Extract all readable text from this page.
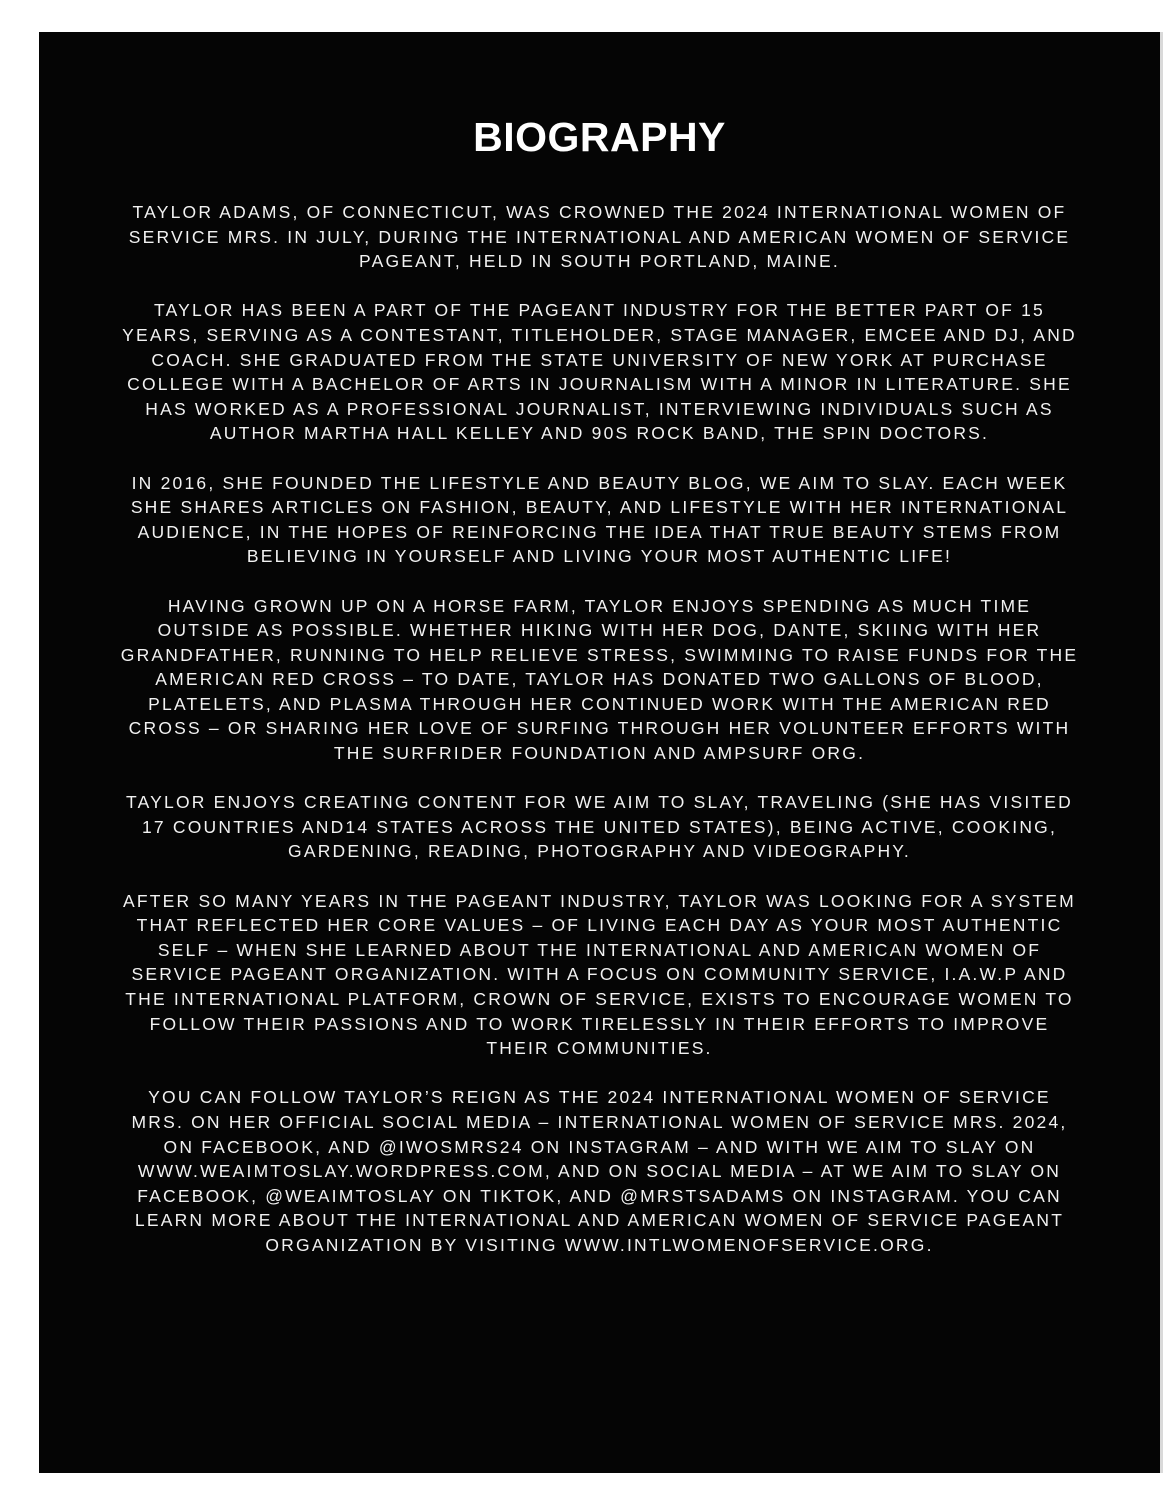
BIOGRAPHY

TAYLOR ADAMS, OF CONNECTICUT, WAS CROWNED THE 2024 INTERNATIONAL WOMEN OF SERVICE MRS. IN JULY, DURING THE INTERNATIONAL AND AMERICAN WOMEN OF SERVICE PAGEANT, HELD IN SOUTH PORTLAND, MAINE.

TAYLOR HAS BEEN A PART OF THE PAGEANT INDUSTRY FOR THE BETTER PART OF 15 YEARS, SERVING AS A CONTESTANT, TITLEHOLDER, STAGE MANAGER, EMCEE AND DJ, AND COACH. SHE GRADUATED FROM THE STATE UNIVERSITY OF NEW YORK AT PURCHASE COLLEGE WITH A BACHELOR OF ARTS IN JOURNALISM WITH A MINOR IN LITERATURE. SHE HAS WORKED AS A PROFESSIONAL JOURNALIST, INTERVIEWING INDIVIDUALS SUCH AS AUTHOR MARTHA HALL KELLEY AND 90S ROCK BAND, THE SPIN DOCTORS.

IN 2016, SHE FOUNDED THE LIFESTYLE AND BEAUTY BLOG, WE AIM TO SLAY. EACH WEEK SHE SHARES ARTICLES ON FASHION, BEAUTY, AND LIFESTYLE WITH HER INTERNATIONAL AUDIENCE, IN THE HOPES OF REINFORCING THE IDEA THAT TRUE BEAUTY STEMS FROM BELIEVING IN YOURSELF AND LIVING YOUR MOST AUTHENTIC LIFE!

HAVING GROWN UP ON A HORSE FARM, TAYLOR ENJOYS SPENDING AS MUCH TIME OUTSIDE AS POSSIBLE. WHETHER HIKING WITH HER DOG, DANTE, SKIING WITH HER GRANDFATHER, RUNNING TO HELP RELIEVE STRESS, SWIMMING TO RAISE FUNDS FOR THE AMERICAN RED CROSS – TO DATE, TAYLOR HAS DONATED TWO GALLONS OF BLOOD, PLATELETS, AND PLASMA THROUGH HER CONTINUED WORK WITH THE AMERICAN RED CROSS – OR SHARING HER LOVE OF SURFING THROUGH HER VOLUNTEER EFFORTS WITH THE SURFRIDER FOUNDATION AND AMPSURF ORG.

TAYLOR ENJOYS CREATING CONTENT FOR WE AIM TO SLAY, TRAVELING (SHE HAS VISITED 17 COUNTRIES AND14 STATES ACROSS THE UNITED STATES), BEING ACTIVE, COOKING, GARDENING, READING, PHOTOGRAPHY AND VIDEOGRAPHY.

AFTER SO MANY YEARS IN THE PAGEANT INDUSTRY, TAYLOR WAS LOOKING FOR A SYSTEM THAT REFLECTED HER CORE VALUES – OF LIVING EACH DAY AS YOUR MOST AUTHENTIC SELF – WHEN SHE LEARNED ABOUT THE INTERNATIONAL AND AMERICAN WOMEN OF SERVICE PAGEANT ORGANIZATION. WITH A FOCUS ON COMMUNITY SERVICE, I.A.W.P AND THE INTERNATIONAL PLATFORM, CROWN OF SERVICE, EXISTS TO ENCOURAGE WOMEN TO FOLLOW THEIR PASSIONS AND TO WORK TIRELESSLY IN THEIR EFFORTS TO IMPROVE THEIR COMMUNITIES.

YOU CAN FOLLOW TAYLOR’S REIGN AS THE 2024 INTERNATIONAL WOMEN OF SERVICE MRS. ON HER OFFICIAL SOCIAL MEDIA – INTERNATIONAL WOMEN OF SERVICE MRS. 2024, ON FACEBOOK, AND @IWOSMRS24 ON INSTAGRAM – AND WITH WE AIM TO SLAY ON WWW.WEAIMTOSLAY.WORDPRESS.COM, AND ON SOCIAL MEDIA – AT WE AIM TO SLAY ON FACEBOOK, @WEAIMTOSLAY ON TIKTOK, AND @MRSTSADAMS ON INSTAGRAM. YOU CAN LEARN MORE ABOUT THE INTERNATIONAL AND AMERICAN WOMEN OF SERVICE PAGEANT ORGANIZATION BY VISITING WWW.INTLWOMENOFSERVICE.ORG.
